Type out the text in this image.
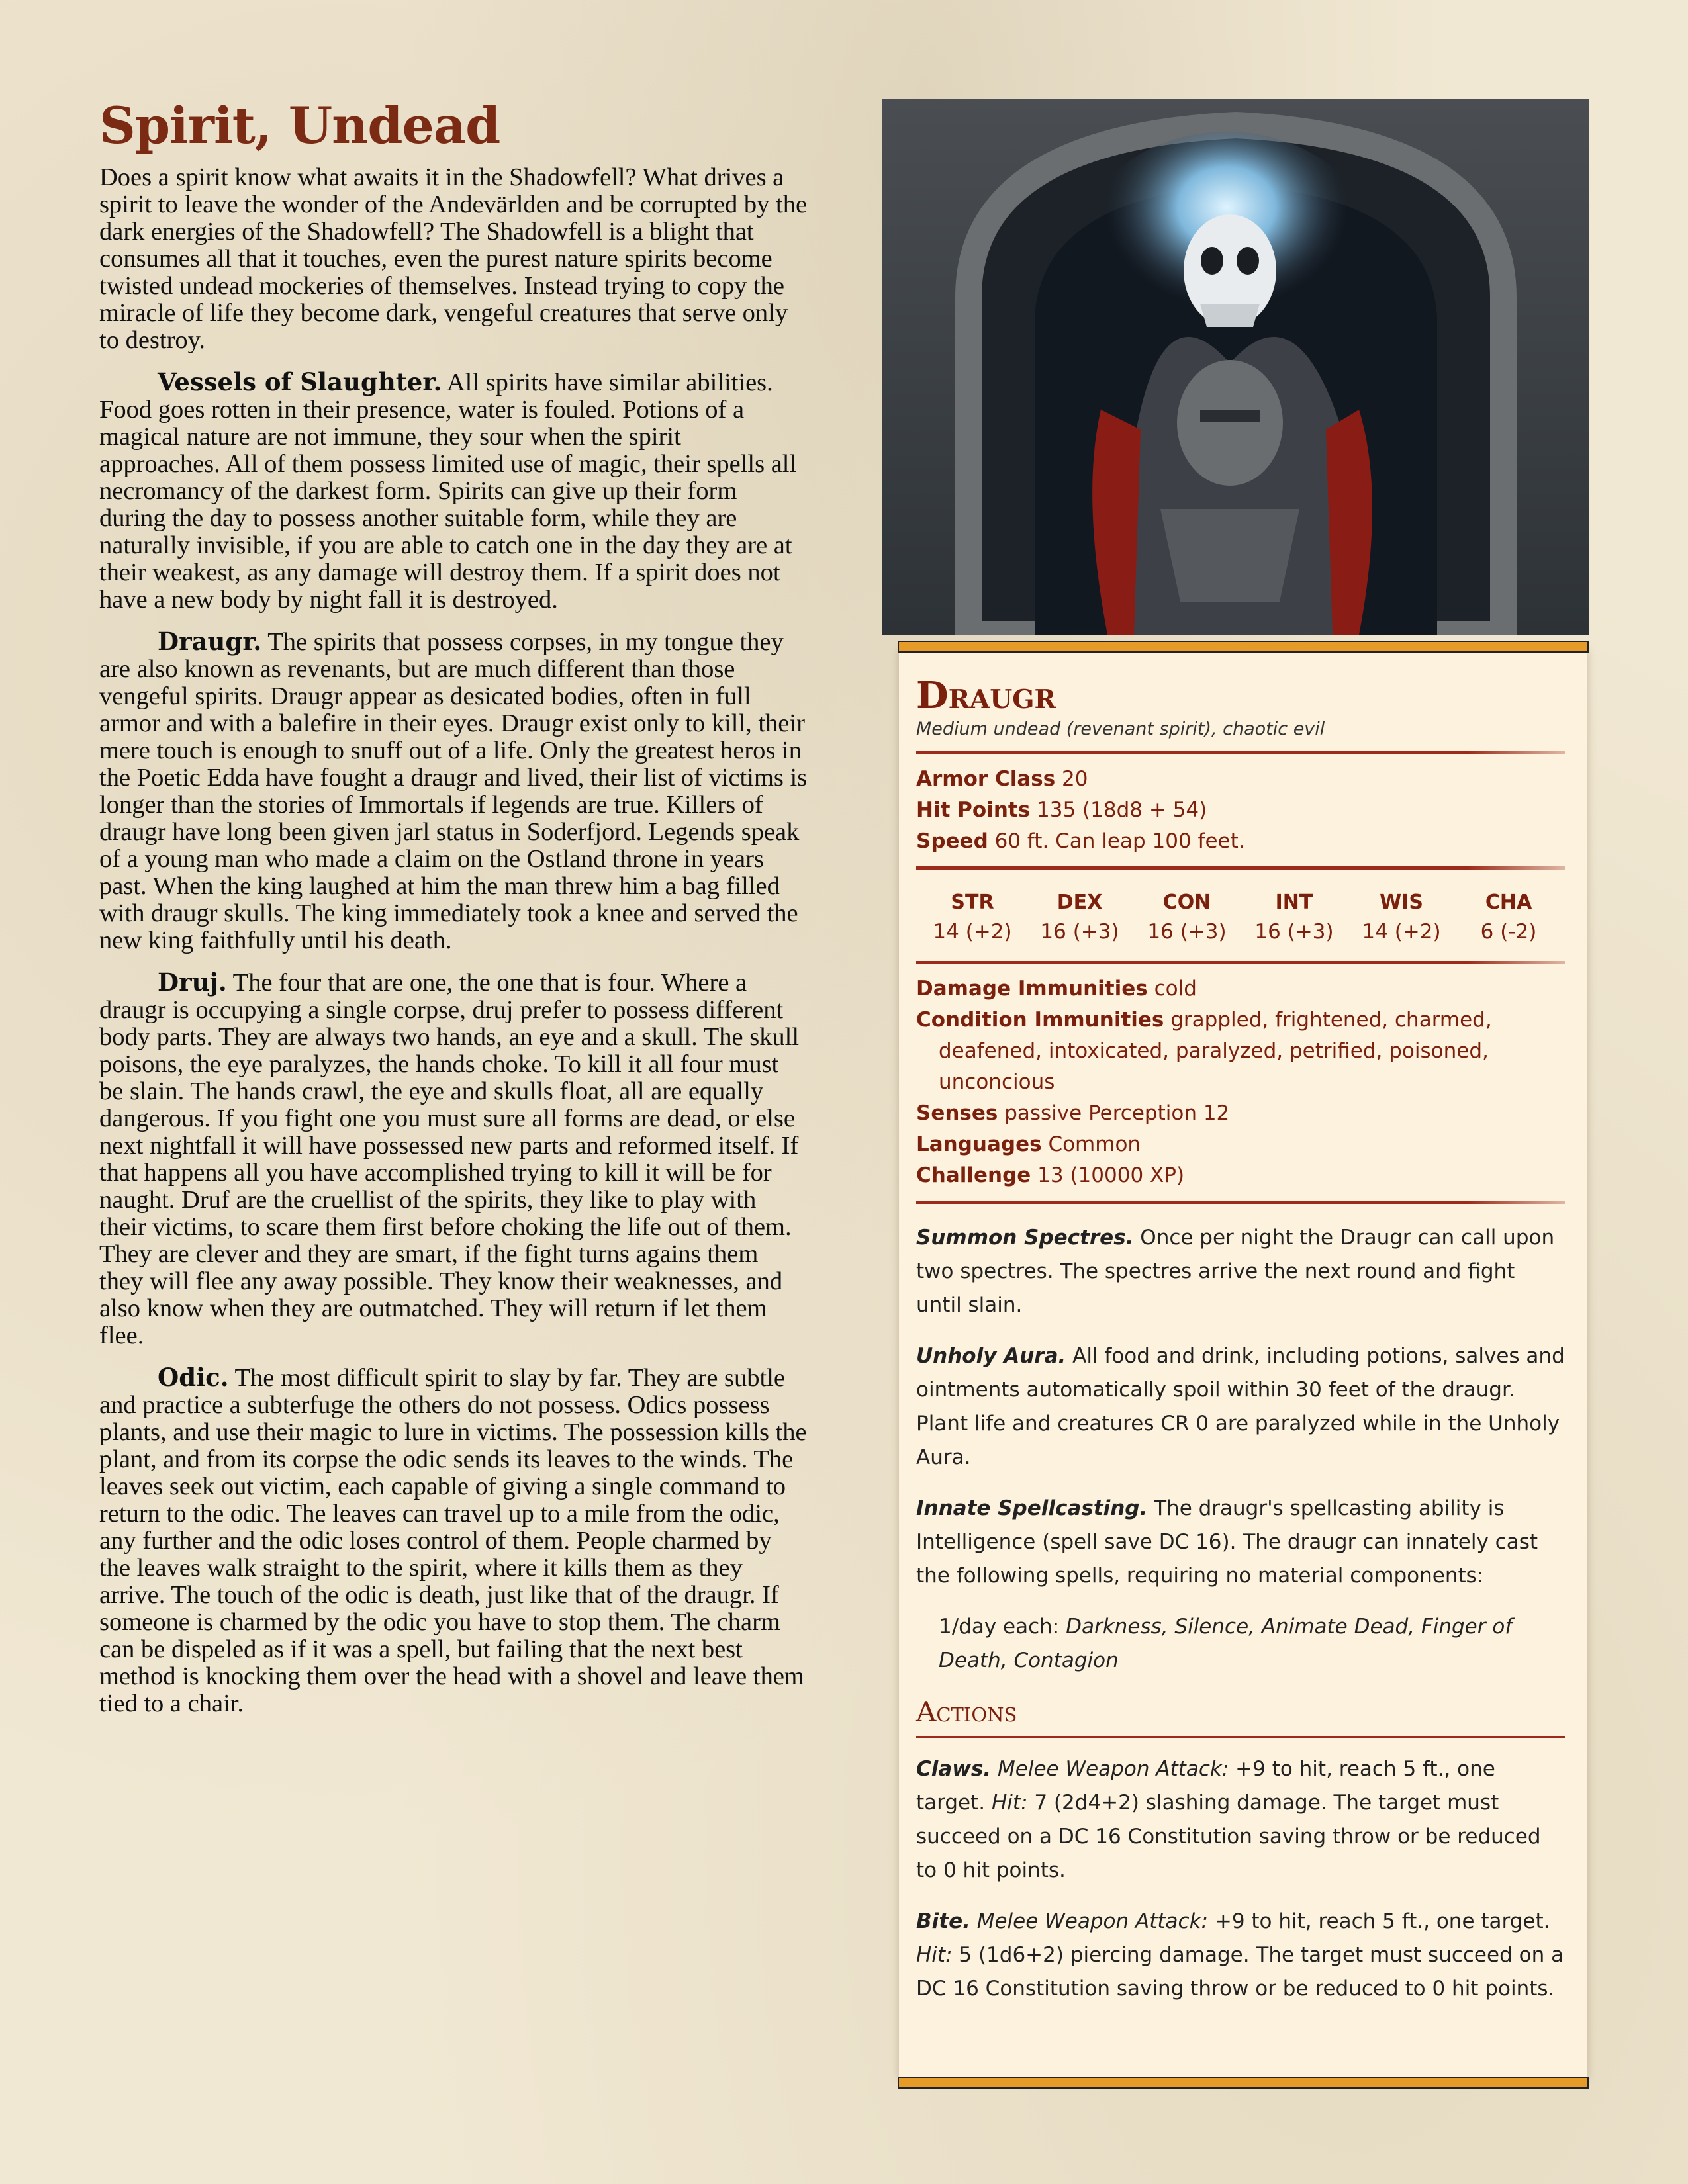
Spirit, Undead

Does a spirit know what awaits it in the Shadowfell? What drives a spirit to leave the wonder of the Andevärlden and be corrupted by the dark energies of the Shadowfell? The Shadowfell is a blight that consumes all that it touches, even the purest nature spirits become twisted undead mockeries of themselves. Instead trying to copy the miracle of life they become dark, vengeful creatures that serve only to destroy.

Vessels of Slaughter. All spirits have similar abilities. Food goes rotten in their presence, water is fouled. Potions of a magical nature are not immune, they sour when the spirit approaches. All of them possess limited use of magic, their spells all necromancy of the darkest form. Spirits can give up their form during the day to possess another suitable form, while they are naturally invisible, if you are able to catch one in the day they are at their weakest, as any damage will destroy them. If a spirit does not have a new body by night fall it is destroyed.

Draugr. The spirits that possess corpses, in my tongue they are also known as revenants, but are much different than those vengeful spirits. Draugr appear as desicated bodies, often in full armor and with a balefire in their eyes. Draugr exist only to kill, their mere touch is enough to snuff out of a life. Only the greatest heros in the Poetic Edda have fought a draugr and lived, their list of victims is longer than the stories of Immortals if legends are true. Killers of draugr have long been given jarl status in Soderfjord. Legends speak of a young man who made a claim on the Ostland throne in years past. When the king laughed at him the man threw him a bag filled with draugr skulls. The king immediately took a knee and served the new king faithfully until his death.

Druj. The four that are one, the one that is four. Where a draugr is occupying a single corpse, druj prefer to possess different body parts. They are always two hands, an eye and a skull. The skull poisons, the eye paralyzes, the hands choke. To kill it all four must be slain. The hands crawl, the eye and skulls float, all are equally dangerous. If you fight one you must sure all forms are dead, or else next nightfall it will have possessed new parts and reformed itself. If that happens all you have accomplished trying to kill it will be for naught. Druf are the cruellist of the spirits, they like to play with their victims, to scare them first before choking the life out of them. They are clever and they are smart, if the fight turns agains them they will flee any away possible. They know their weaknesses, and also know when they are outmatched. They will return if let them flee.

Odic. The most difficult spirit to slay by far. They are subtle and practice a subterfuge the others do not possess. Odics possess plants, and use their magic to lure in victims. The possession kills the plant, and from its corpse the odic sends its leaves to the winds. The leaves seek out victim, each capable of giving a single command to return to the odic. The leaves can travel up to a mile from the odic, any further and the odic loses control of them. People charmed by the leaves walk straight to the spirit, where it kills them as they arrive. The touch of the odic is death, just like that of the draugr. If someone is charmed by the odic you have to stop them. The charm can be dispeled as if it was a spell, but failing that the next best method is knocking them over the head with a shovel and leave them tied to a chair.

Draugr
Medium undead (revenant spirit), chaotic evil
Armor Class 20
Hit Points 135 (18d8 + 54)
Speed 60 ft. Can leap 100 feet.
STR
14 (+2)
DEX
16 (+3)
CON
16 (+3)
INT
16 (+3)
WIS
14 (+2)
CHA
6 (-2)
Damage Immunities cold
Condition Immunities grappled, frightened, charmed,
deafened, intoxicated, paralyzed, petrified, poisoned,
unconcious
Senses passive Perception 12
Languages Common
Challenge 13 (10000 XP)
Summon Spectres. Once per night the Draugr can call upon two spectres. The spectres arrive the next round and fight until slain.
Unholy Aura. All food and drink, including potions, salves and ointments automatically spoil within 30 feet of the draugr. Plant life and creatures CR 0 are paralyzed while in the Unholy Aura.
Innate Spellcasting. The draugr's spellcasting ability is Intelligence (spell save DC 16). The draugr can innately cast the following spells, requiring no material components:
1/day each: Darkness, Silence, Animate Dead, Finger of Death, Contagion
Actions
Claws. Melee Weapon Attack: +9 to hit, reach 5 ft., one target. Hit: 7 (2d4+2) slashing damage. The target must succeed on a DC 16 Constitution saving throw or be reduced to 0 hit points.
Bite. Melee Weapon Attack: +9 to hit, reach 5 ft., one target. Hit: 5 (1d6+2) piercing damage. The target must succeed on a DC 16 Constitution saving throw or be reduced to 0 hit points.
